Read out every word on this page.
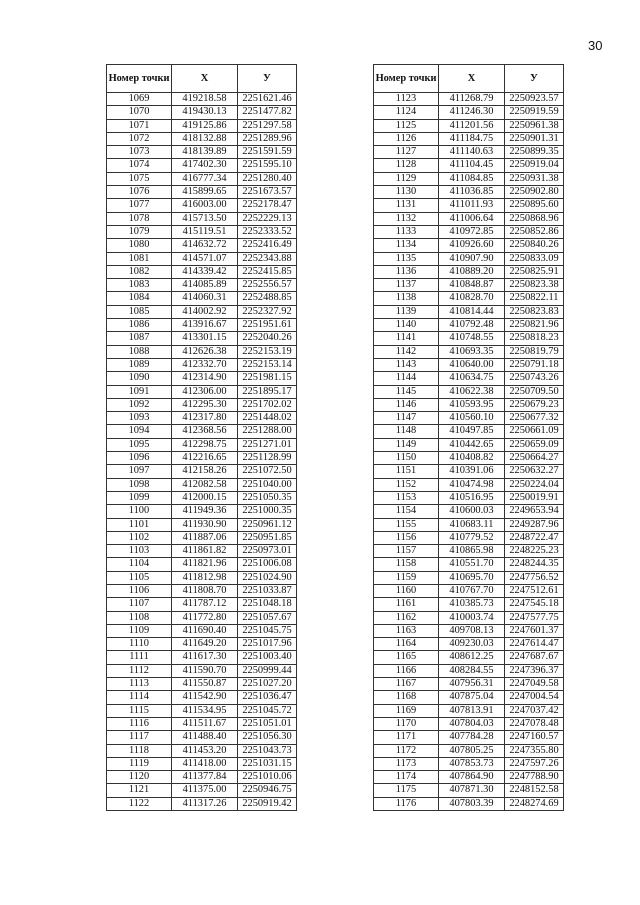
30
Номер точки	Х	У
1069	419218.58	2251621.46
1070	419430.13	2251477.82
1071	419125.86	2251297.58
1072	418132.88	2251289.96
1073	418139.89	2251591.59
1074	417402.30	2251595.10
1075	416777.34	2251280.40
1076	415899.65	2251673.57
1077	416003.00	2252178.47
1078	415713.50	2252229.13
1079	415119.51	2252333.52
1080	414632.72	2252416.49
1081	414571.07	2252343.88
1082	414339.42	2252415.85
1083	414085.89	2252556.57
1084	414060.31	2252488.85
1085	414002.92	2252327.92
1086	413916.67	2251951.61
1087	413301.15	2252040.26
1088	412626.38	2252153.19
1089	412332.70	2252153.14
1090	412314.90	2251981.15
1091	412306.00	2251895.17
1092	412295.30	2251702.02
1093	412317.80	2251448.02
1094	412368.56	2251288.00
1095	412298.75	2251271.01
1096	412216.65	2251128.99
1097	412158.26	2251072.50
1098	412082.58	2251040.00
1099	412000.15	2251050.35
1100	411949.36	2251000.35
1101	411930.90	2250961.12
1102	411887.06	2250951.85
1103	411861.82	2250973.01
1104	411821.96	2251006.08
1105	411812.98	2251024.90
1106	411808.70	2251033.87
1107	411787.12	2251048.18
1108	411772.80	2251057.67
1109	411690.40	2251045.75
1110	411649.20	2251017.96
1111	411617.30	2251003.40
1112	411590.70	2250999.44
1113	411550.87	2251027.20
1114	411542.90	2251036.47
1115	411534.95	2251045.72
1116	411511.67	2251051.01
1117	411488.40	2251056.30
1118	411453.20	2251043.73
1119	411418.00	2251031.15
1120	411377.84	2251010.06
1121	411375.00	2250946.75
1122	411317.26	2250919.42
Номер точки	Х	У
1123	411268.79	2250923.57
1124	411246.30	2250919.59
1125	411201.56	2250961.38
1126	411184.75	2250901.31
1127	411140.63	2250899.35
1128	411104.45	2250919.04
1129	411084.85	2250931.38
1130	411036.85	2250902.80
1131	411011.93	2250895.60
1132	411006.64	2250868.96
1133	410972.85	2250852.86
1134	410926.60	2250840.26
1135	410907.90	2250833.09
1136	410889.20	2250825.91
1137	410848.87	2250823.38
1138	410828.70	2250822.11
1139	410814.44	2250823.83
1140	410792.48	2250821.96
1141	410748.55	2250818.23
1142	410693.35	2250819.79
1143	410640.00	2250791.18
1144	410634.75	2250743.26
1145	410622.38	2250709.50
1146	410593.95	2250679.23
1147	410560.10	2250677.32
1148	410497.85	2250661.09
1149	410442.65	2250659.09
1150	410408.82	2250664.27
1151	410391.06	2250632.27
1152	410474.98	2250224.04
1153	410516.95	2250019.91
1154	410600.03	2249653.94
1155	410683.11	2249287.96
1156	410779.52	2248722.47
1157	410865.98	2248225.23
1158	410551.70	2248244.35
1159	410695.70	2247756.52
1160	410767.70	2247512.61
1161	410385.73	2247545.18
1162	410003.74	2247577.75
1163	409708.13	2247601.37
1164	409230.03	2247614.47
1165	408612.25	2247687.67
1166	408284.55	2247396.37
1167	407956.31	2247049.58
1168	407875.04	2247004.54
1169	407813.91	2247037.42
1170	407804.03	2247078.48
1171	407784.28	2247160.57
1172	407805.25	2247355.80
1173	407853.73	2247597.26
1174	407864.90	2247788.90
1175	407871.30	2248152.58
1176	407803.39	2248274.69
